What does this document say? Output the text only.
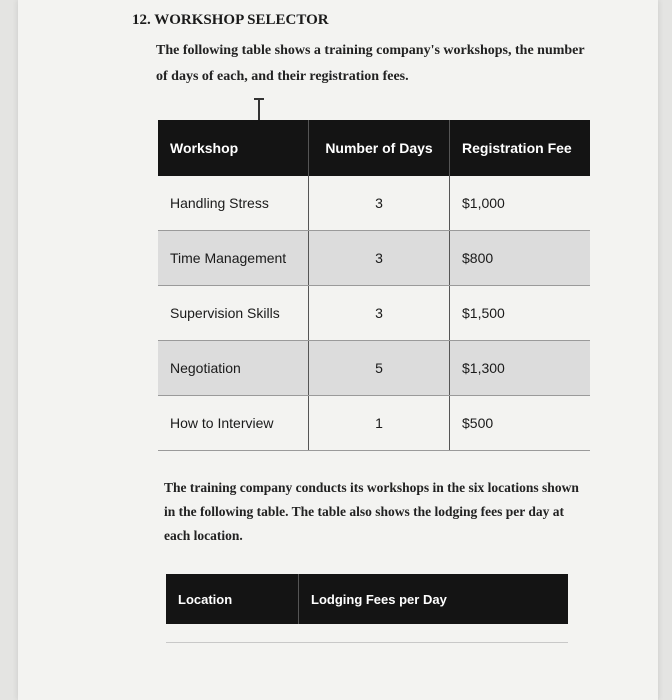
12. WORKSHOP SELECTOR
The following table shows a training company's workshops, the number of days of each, and their registration fees.
Workshop	Number of Days	Registration Fee
Handling Stress	3	$1,000
Time Management	3	$800
Supervision Skills	3	$1,500
Negotiation	5	$1,300
How to Interview	1	$500
The training company conducts its workshops in the six locations shown in the following table. The table also shows the lodging fees per day at each location.
Location	Lodging Fees per Day
